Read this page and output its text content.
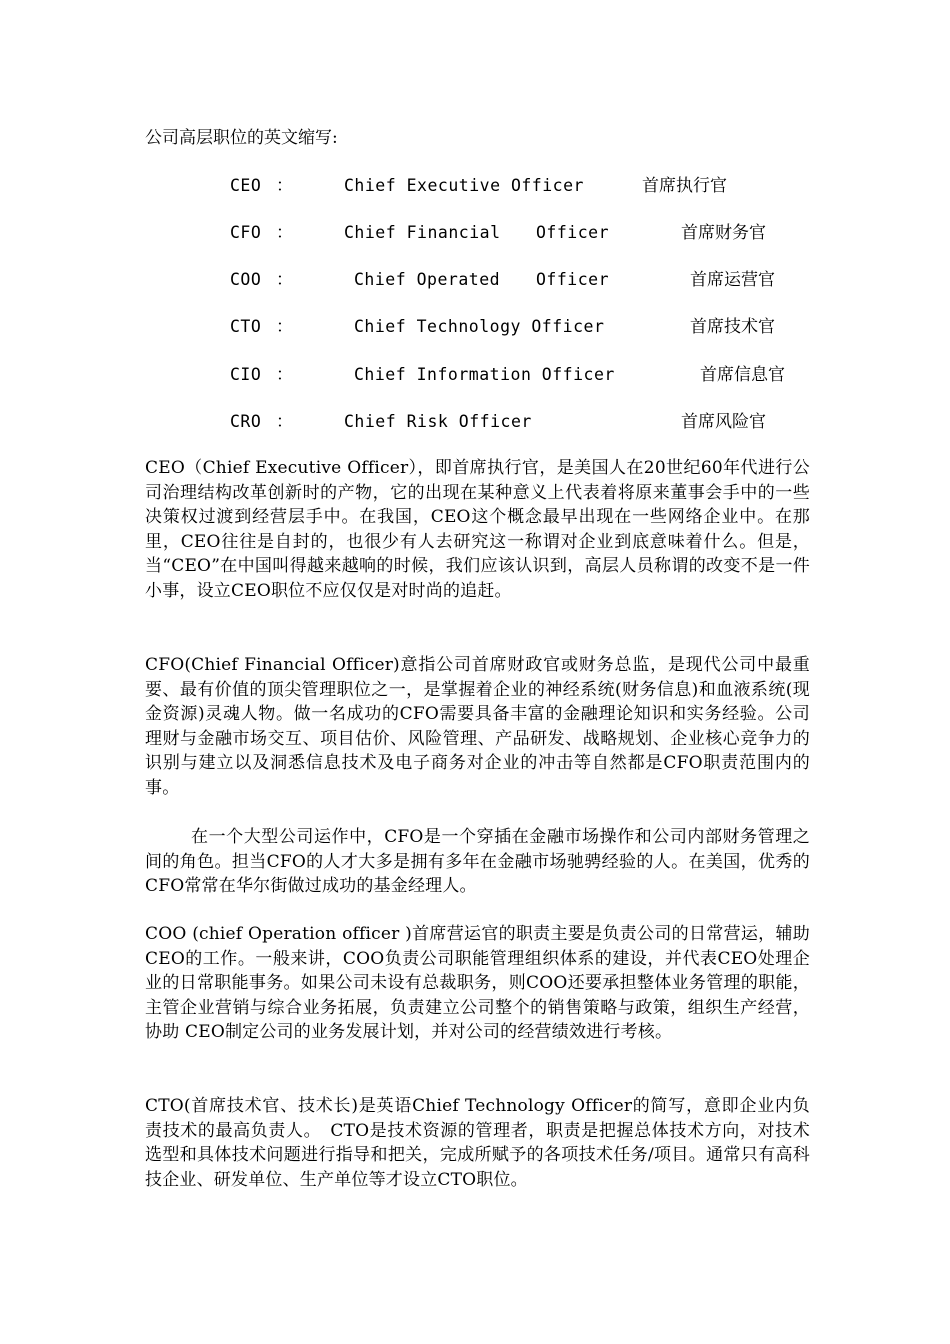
公司高层职位的英文缩写:
CEO ：	Chief Executive Officer	首席执行官
CFO ：	Chief Financial Officer	首席财务官
COO ：	Chief Operated Officer	首席运营官
CTO ：	Chief Technology Officer	首席技术官
CIO ：	Chief Information Officer	首席信息官
CRO ：	Chief Risk Officer	首席风险官

CEO（Chief Executive Officer），即首席执行官，是美国人在20世纪60年代进行公司治理结构改革创新时的产物，它的出现在某种意义上代表着将原来董事会手中的一些决策权过渡到经营层手中。在我国，CEO这个概念最早出现在一些网络企业中。在那里，CEO往往是自封的，也很少有人去研究这一称谓对企业到底意味着什么。但是，当“CEO”在中国叫得越来越响的时候，我们应该认识到，高层人员称谓的改变不是一件小事，设立CEO职位不应仅仅是对时尚的追赶。

CFO(Chief Financial Officer)意指公司首席财政官或财务总监，是现代公司中最重要、最有价值的顶尖管理职位之一，是掌握着企业的神经系统(财务信息)和血液系统(现金资源)灵魂人物。做一名成功的CFO需要具备丰富的金融理论知识和实务经验。公司理财与金融市场交互、项目估价、风险管理、产品研发、战略规划、企业核心竞争力的识别与建立以及洞悉信息技术及电子商务对企业的冲击等自然都是CFO职责范围内的事。

在一个大型公司运作中，CFO是一个穿插在金融市场操作和公司内部财务管理之间的角色。担当CFO的人才大多是拥有多年在金融市场驰骋经验的人。在美国，优秀的CFO常常在华尔街做过成功的基金经理人。

COO (chief Operation officer )首席营运官的职责主要是负责公司的日常营运，辅助CEO的工作。一般来讲，COO负责公司职能管理组织体系的建设，并代表CEO处理企业的日常职能事务。如果公司未设有总裁职务，则COO还要承担整体业务管理的职能，主管企业营销与综合业务拓展，负责建立公司整个的销售策略与政策，组织生产经营，协助 CEO制定公司的业务发展计划，并对公司的经营绩效进行考核。

CTO(首席技术官、技术长)是英语Chief Technology Officer的简写，意即企业内负责技术的最高负责人。　CTO是技术资源的管理者，职责是把握总体技术方向，对技术选型和具体技术问题进行指导和把关，完成所赋予的各项技术任务/项目。通常只有高科技企业、研发单位、生产单位等才设立CTO职位。
